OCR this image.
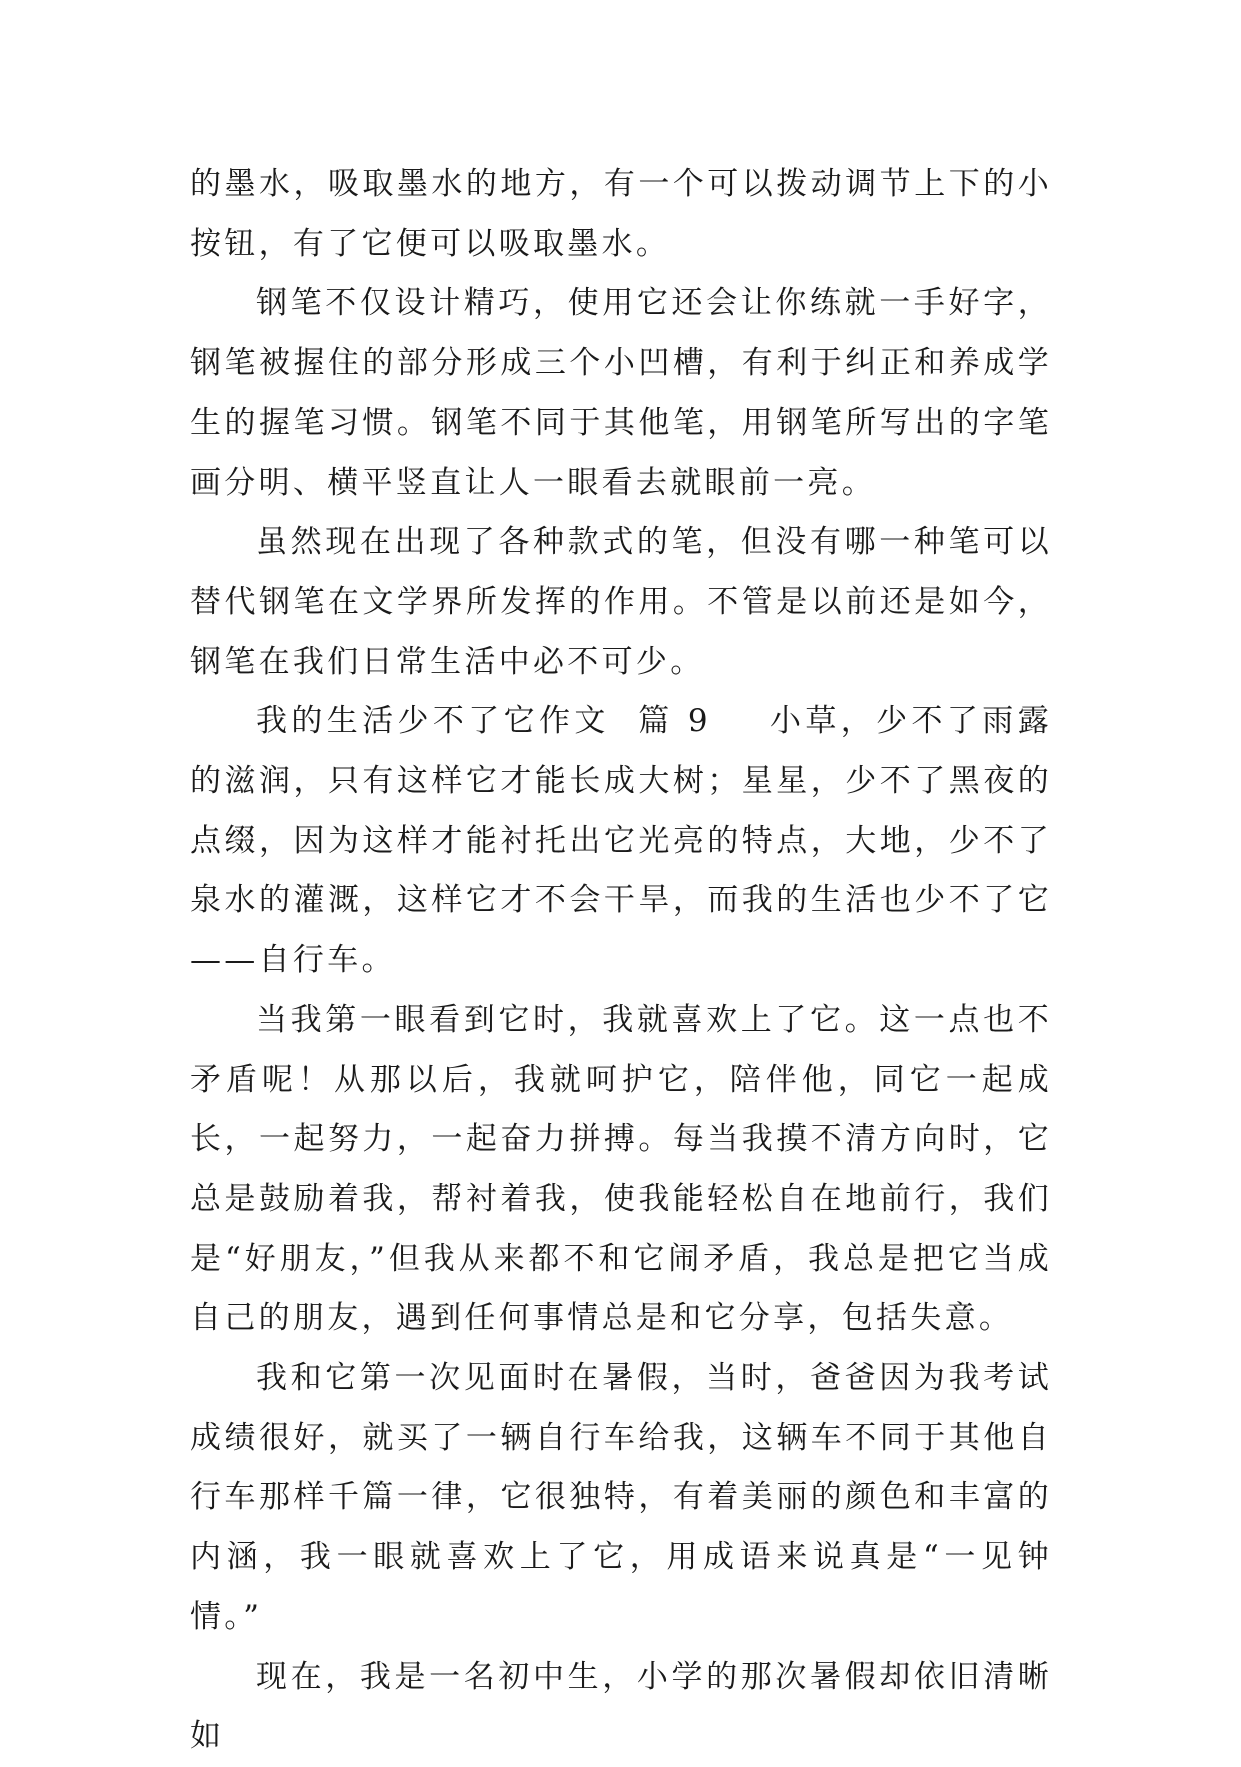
的墨水，吸取墨水的地方，有一个可以拨动调节上下的小按钮，有了它便可以吸取墨水。

钢笔不仅设计精巧，使用它还会让你练就一手好字，钢笔被握住的部分形成三个小凹槽，有利于纠正和养成学生的握笔习惯。钢笔不同于其他笔，用钢笔所写出的字笔画分明、横平竖直让人一眼看去就眼前一亮。

虽然现在出现了各种款式的笔，但没有哪一种笔可以替代钢笔在文学界所发挥的作用。不管是以前还是如今，钢笔在我们日常生活中必不可少。

我的生活少不了它作文  篇 9 小草，少不了雨露的滋润，只有这样它才能长成大树；星星，少不了黑夜的点缀，因为这样才能衬托出它光亮的特点，大地，少不了泉水的灌溉，这样它才不会干旱，而我的生活也少不了它——自行车。

当我第一眼看到它时，我就喜欢上了它。这一点也不矛盾呢！从那以后，我就呵护它，陪伴他，同它一起成长，一起努力，一起奋力拼搏。每当我摸不清方向时，它总是鼓励着我，帮衬着我，使我能轻松自在地前行，我们是“好朋友，”但我从来都不和它闹矛盾，我总是把它当成自己的朋友，遇到任何事情总是和它分享，包括失意。

我和它第一次见面时在暑假，当时，爸爸因为我考试成绩很好，就买了一辆自行车给我，这辆车不同于其他自行车那样千篇一律，它很独特，有着美丽的颜色和丰富的内涵，我一眼就喜欢上了它，用成语来说真是“一见钟情。”

现在，我是一名初中生，小学的那次暑假却依旧清晰如
